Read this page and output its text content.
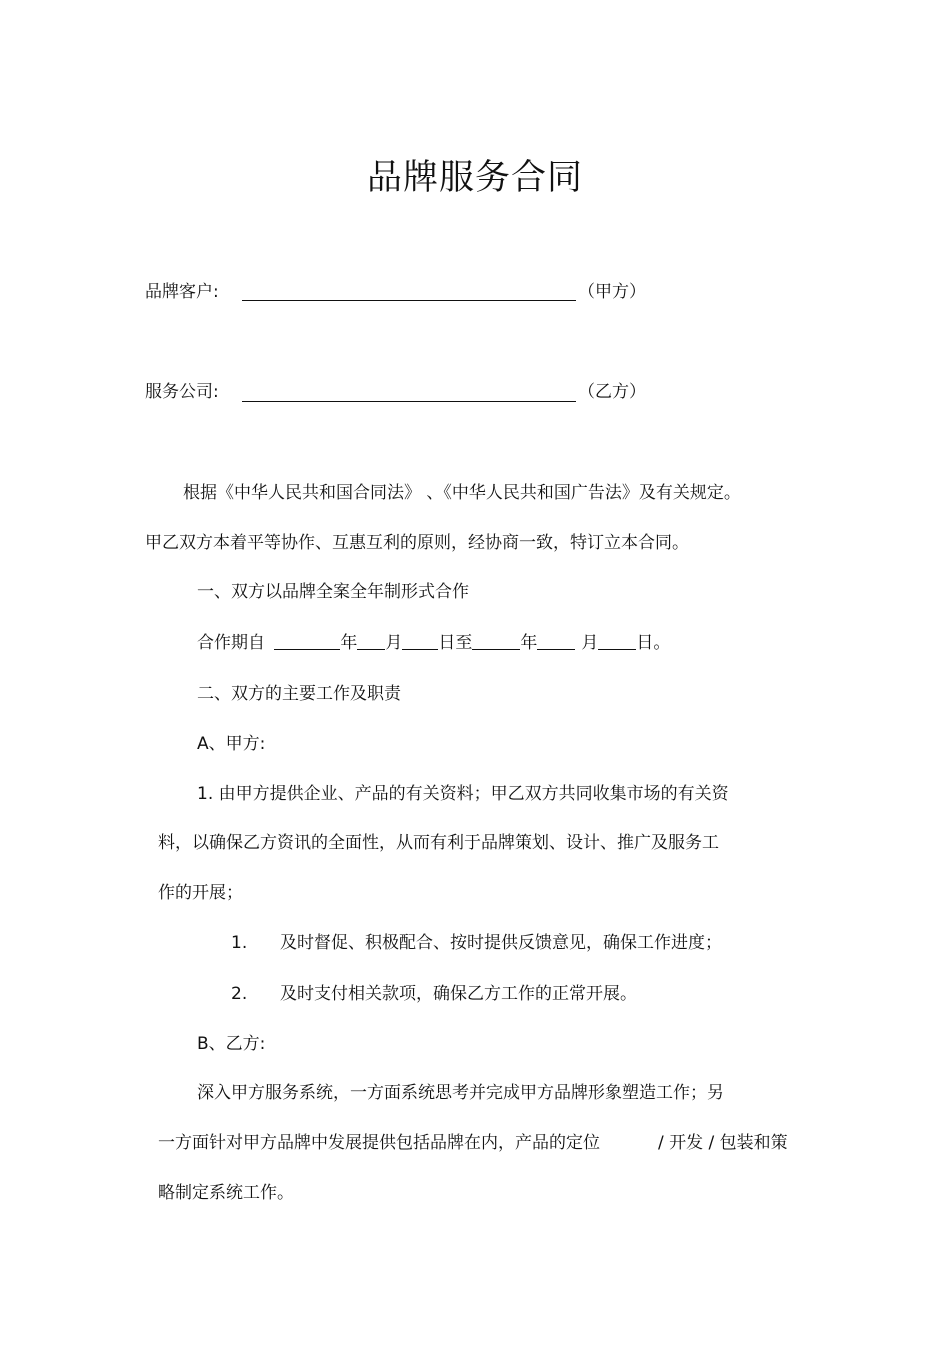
品牌服务合同
品牌客户:	（甲方）
服务公司:	（乙方）
根据《中华人民共和国合同法》 、《中华人民共和国广告法》及有关规定。
甲乙双方本着平等协作、互惠互利的原则，经协商一致，特订立本合同。
一、双方以品牌全案全年制形式合作
合作期自	年 月 日至	年	月 日。
二、双方的主要工作及职责
A、甲方:
1. 由甲方提供企业、产品的有关资料；甲乙双方共同收集市场的有关资
料，以确保乙方资讯的全面性，从而有利于品牌策划、设计、推广及服务工
作的开展；
1. 及时督促、积极配合、按时提供反馈意见，确保工作进度；
2. 及时支付相关款项，确保乙方工作的正常开展。
B、乙方:
深入甲方服务系统，一方面系统思考并完成甲方品牌形象塑造工作；另
一方面针对甲方品牌中发展提供包括品牌在内，产品的定位	/ 开发 / 包装和策
略制定系统工作。
